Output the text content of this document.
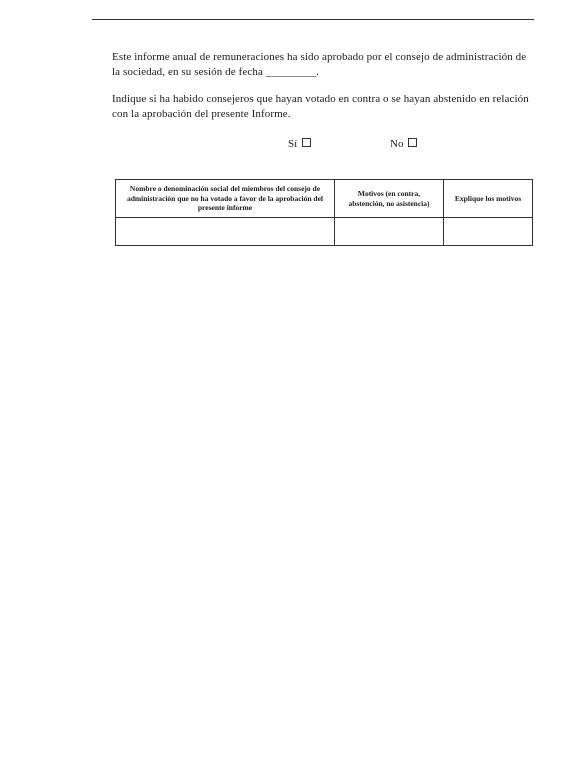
Este informe anual de remuneraciones ha sido aprobado por el consejo de administración de la sociedad, en su sesión de fecha _________.

Indique si ha habido consejeros que hayan votado en contra o se hayan abstenido en relación con la aprobación del presente Informe.

Sí	No
Nombre o denominación social del miembros del consejo de administración que no ha votado a favor de la aprobación del presente informe	Motivos (en contra, abstención, no asistencia)	Explique los motivos
